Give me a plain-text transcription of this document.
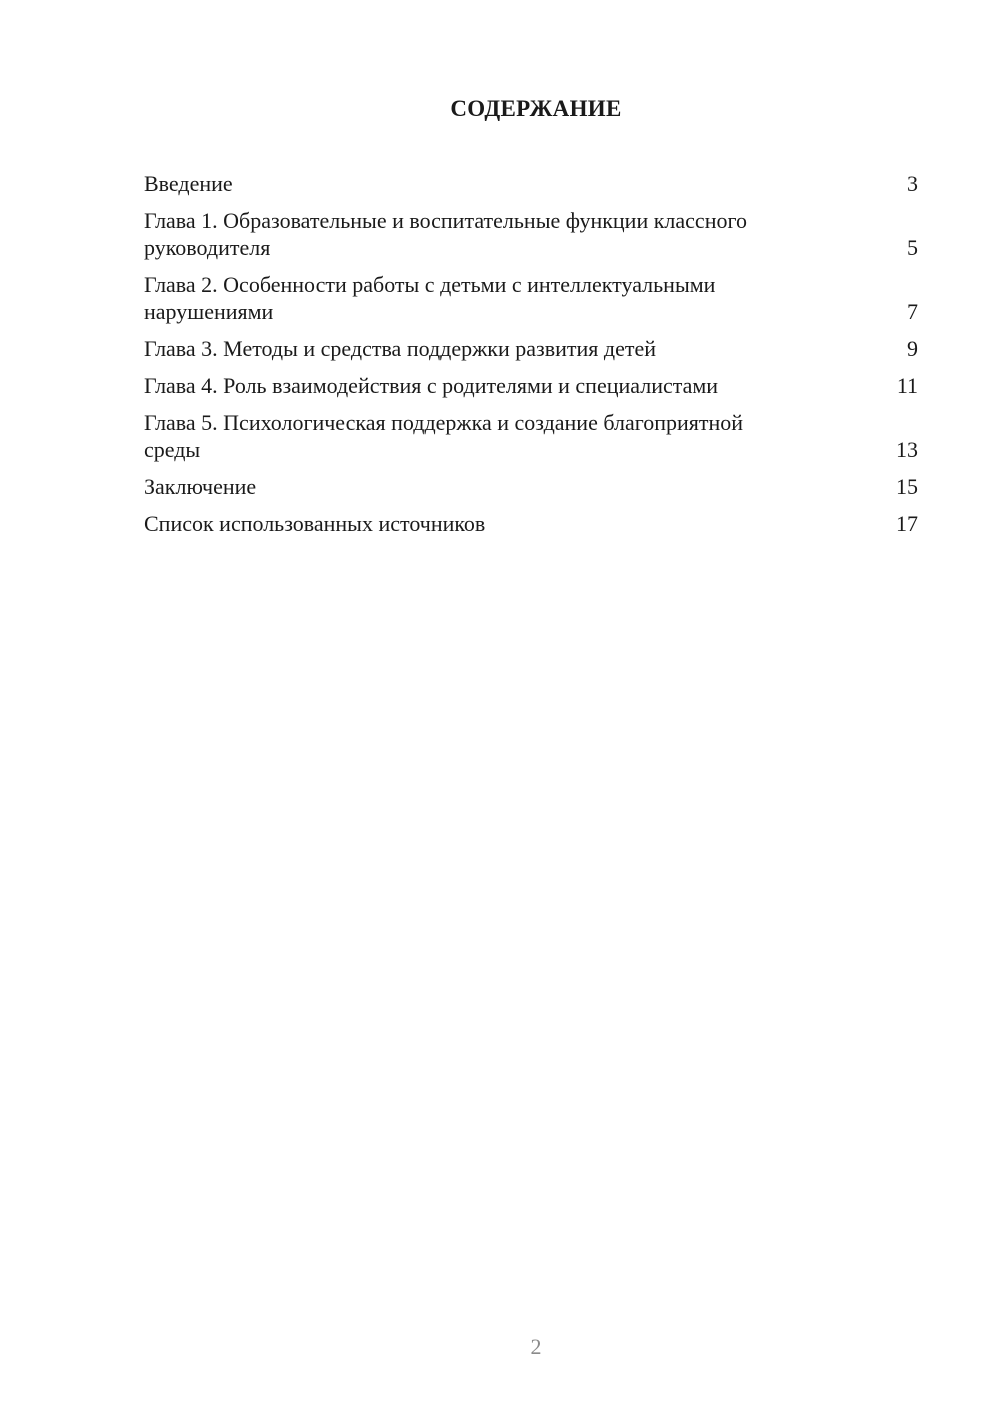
СОДЕРЖАНИЕ
Введение	3
Глава 1. Образовательные и воспитательные функции классного руководителя	5
Глава 2. Особенности работы с детьми с интеллектуальными нарушениями	7
Глава 3. Методы и средства поддержки развития детей	9
Глава 4. Роль взаимодействия с родителями и специалистами	11
Глава 5. Психологическая поддержка и создание благоприятной среды	13
Заключение	15
Список использованных источников	17
2
